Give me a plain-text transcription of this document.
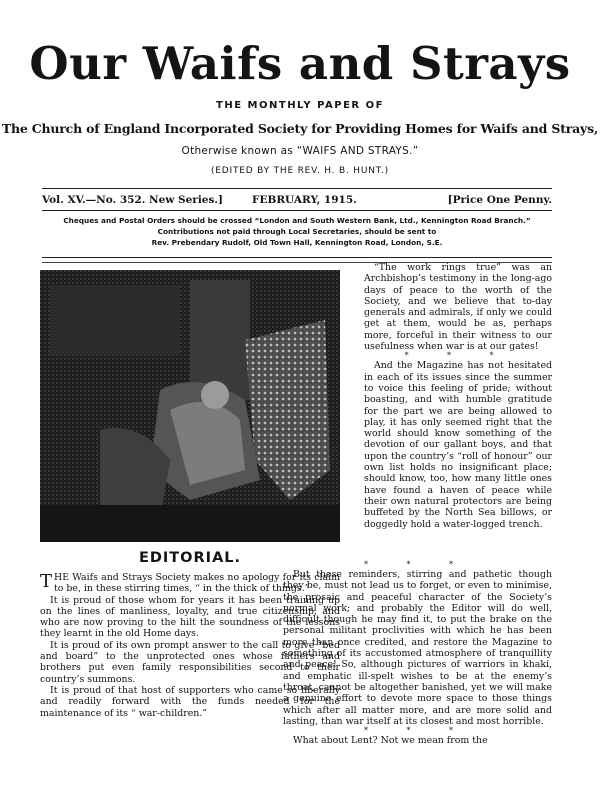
Our Waifs and Strays
THE MONTHLY PAPER OF
The Church of England Incorporated Society for Providing Homes for Waifs and Strays,
Otherwise known as “WAIFS AND STRAYS.”
(EDITED BY THE REV. H. B. HUNT.)
Vol. XV.—No. 352. New Series.]	FEBRUARY, 1915.	[Price One Penny.
Cheques and Postal Orders should be crossed “London and South Western Bank, Ltd., Kennington Road Branch.”
Contributions not paid through Local Secretaries, should be sent to
Rev. Prebendary Rudolf, Old Town Hall, Kennington Road, London, S.E.
EDITORIAL.

THE Waifs and Strays Society makes no apology for its claim to be, in these stirring times, “ in the thick of things.”

It is proud of those whom for years it has been training up on the lines of manliness, loyalty, and true citizenship, and who are now proving to the hilt the soundness of the lessons they learnt in the old Home days.

It is proud of its own prompt answer to the call to give “bed and board” to the unprotected ones whose fathers and brothers put even family responsibilities second to their country’s summons.

It is proud of that host of supporters who came so liberally and readily forward with the funds needed for the maintenance of its “ war-children.”

“The work rings true” was an Archbishop’s testimony in the long-ago days of peace to the worth of the Society, and we believe that to-day generals and admirals, if only we could get at them, would be as, perhaps more, forceful in their witness to our usefulness when war is at our gates!

* * *

And the Magazine has not hesitated in each of its issues since the summer to voice this feeling of pride; without boasting, and with humble gratitude for the part we are being allowed to play, it has only seemed right that the world should know something of the devotion of our gallant boys, and that upon the country’s “roll of honour” our own list holds no insignificant place; should know, too, how many little ones have found a haven of peace while their own natural protectors are being buffeted by the North Sea billows, or doggedly hold a water-logged trench.

* * *

But these reminders, stirring and pathetic though they be, must not lead us to forget, or even to minimise, the prosaic and peaceful character of the Society’s normal work; and probably the Editor will do well, difficult though he may find it, to put the brake on the personal militant proclivities with which he has been more than once credited, and restore the Magazine to something of its accustomed atmosphere of tranquillity and peace! So, although pictures of warriors in khaki, and emphatic ill-spelt wishes to be at the enemy’s throat, cannot be altogether banished, yet we will make a genuine effort to devote more space to those things which after all matter more, and are more solid and lasting, than war itself at its closest and most horrible.

* * *

What about Lent? Not we mean from the
